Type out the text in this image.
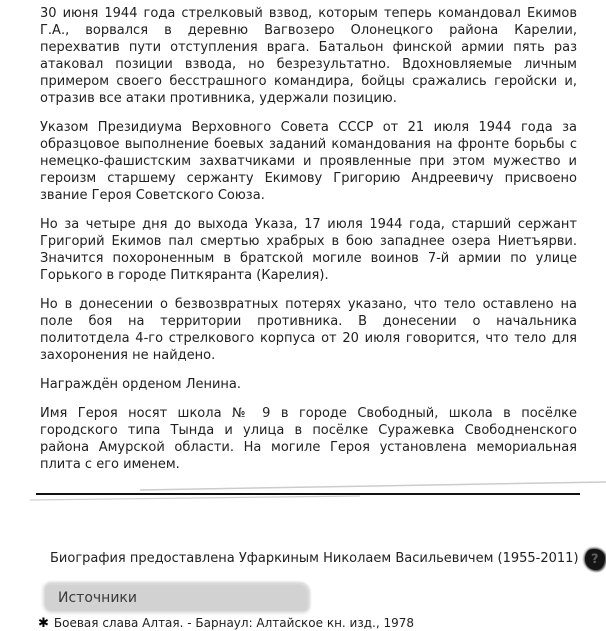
30 июня 1944 года стрелковый взвод, которым теперь командовал Екимов Г.А., ворвался в деревню Вагвозеро Олонецкого района Карелии, перехватив пути отступления врага. Батальон финской армии пять раз атаковал позиции взвода, но безрезультатно. Вдохновляемые личным примером своего бесстрашного командира, бойцы сражались геройски и, отразив все атаки противника, удержали позицию.

Указом Президиума Верховного Совета СССР от 21 июля 1944 года за образцовое выполнение боевых заданий командования на фронте борьбы с немецко-фашистским захватчиками и проявленные при этом мужество и героизм старшему сержанту Екимову Григорию Андреевичу присвоено звание Героя Советского Союза.

Но за четыре дня до выхода Указа, 17 июля 1944 года, старший сержант Григорий Екимов пал смертью храбрых в бою западнее озера Ниетъярви. Значится похороненным в братской могиле воинов 7-й армии по улице Горького в городе Питкяранта (Карелия).

Но в донесении о безвозвратных потерях указано, что тело оставлено на поле боя на территории противника. В донесении о начальника политотдела 4-го стрелкового корпуса от 20 июля говорится, что тело для захоронения не найдено.

Награждён орденом Ленина.

Имя Героя носят школа № 9 в городе Свободный, школа в посёлке городского типа Тында и улица в посёлке Суражевка Свободненского района Амурской области. На могиле Героя установлена мемориальная плита с его именем.

Биография предоставлена Уфаркиным Николаем Васильевичем (1955-2011) ?
Источники
✱ Боевая слава Алтая. - Барнаул: Алтайское кн. изд., 1978
